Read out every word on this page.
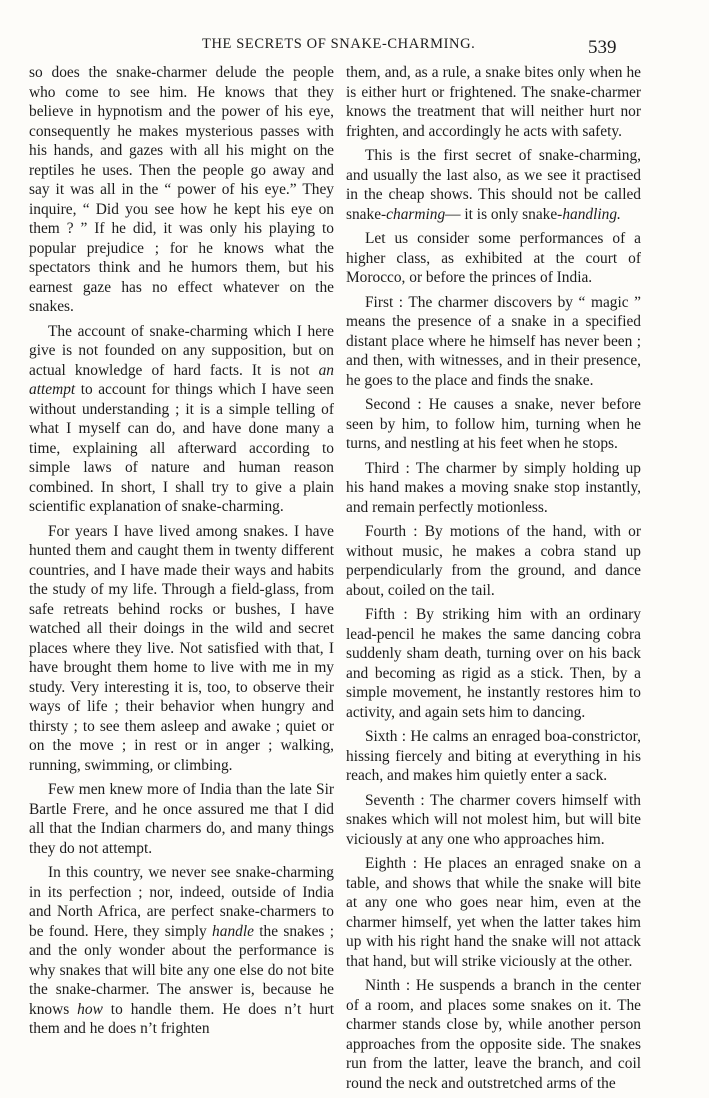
THE SECRETS OF SNAKE-CHARMING.	539

so does the snake-charmer delude the people who come to see him. He knows that they believe in hypnotism and the power of his eye, consequently he makes mysterious passes with his hands, and gazes with all his might on the reptiles he uses. Then the people go away and say it was all in the “ power of his eye.” They inquire, “ Did you see how he kept his eye on them ? ” If he did, it was only his playing to popular prejudice ; for he knows what the spectators think and he humors them, but his earnest gaze has no effect whatever on the snakes.

The account of snake-charming which I here give is not founded on any supposition, but on actual knowledge of hard facts. It is not an attempt to account for things which I have seen without understanding ; it is a simple telling of what I myself can do, and have done many a time, explaining all afterward according to simple laws of nature and human reason combined. In short, I shall try to give a plain scientific explanation of snake-charming.

For years I have lived among snakes. I have hunted them and caught them in twenty different countries, and I have made their ways and habits the study of my life. Through a field-glass, from safe retreats behind rocks or bushes, I have watched all their doings in the wild and secret places where they live. Not satisfied with that, I have brought them home to live with me in my study. Very interesting it is, too, to observe their ways of life ; their behavior when hungry and thirsty ; to see them asleep and awake ; quiet or on the move ; in rest or in anger ; walking, running, swimming, or climbing.

Few men knew more of India than the late Sir Bartle Frere, and he once assured me that I did all that the Indian charmers do, and many things they do not attempt.

In this country, we never see snake-charming in its perfection ; nor, indeed, outside of India and North Africa, are perfect snake-charmers to be found. Here, they simply handle the snakes ; and the only wonder about the performance is why snakes that will bite any one else do not bite the snake-charmer. The answer is, because he knows how to handle them. He does n’t hurt them and he does n’t frighten

them, and, as a rule, a snake bites only when he is either hurt or frightened. The snake-charmer knows the treatment that will neither hurt nor frighten, and accordingly he acts with safety.

This is the first secret of snake-charming, and usually the last also, as we see it practised in the cheap shows. This should not be called snake-charming— it is only snake-handling.

Let us consider some performances of a higher class, as exhibited at the court of Morocco, or before the princes of India.

First : The charmer discovers by “ magic ” means the presence of a snake in a specified distant place where he himself has never been ; and then, with witnesses, and in their presence, he goes to the place and finds the snake.

Second : He causes a snake, never before seen by him, to follow him, turning when he turns, and nestling at his feet when he stops.

Third : The charmer by simply holding up his hand makes a moving snake stop instantly, and remain perfectly motionless.

Fourth : By motions of the hand, with or without music, he makes a cobra stand up perpendicularly from the ground, and dance about, coiled on the tail.

Fifth : By striking him with an ordinary lead-pencil he makes the same dancing cobra suddenly sham death, turning over on his back and becoming as rigid as a stick. Then, by a simple movement, he instantly restores him to activity, and again sets him to dancing.

Sixth : He calms an enraged boa-constrictor, hissing fiercely and biting at everything in his reach, and makes him quietly enter a sack.

Seventh : The charmer covers himself with snakes which will not molest him, but will bite viciously at any one who approaches him.

Eighth : He places an enraged snake on a table, and shows that while the snake will bite at any one who goes near him, even at the charmer himself, yet when the latter takes him up with his right hand the snake will not attack that hand, but will strike viciously at the other.

Ninth : He suspends a branch in the center of a room, and places some snakes on it. The charmer stands close by, while another person approaches from the opposite side. The snakes run from the latter, leave the branch, and coil round the neck and outstretched arms of the
